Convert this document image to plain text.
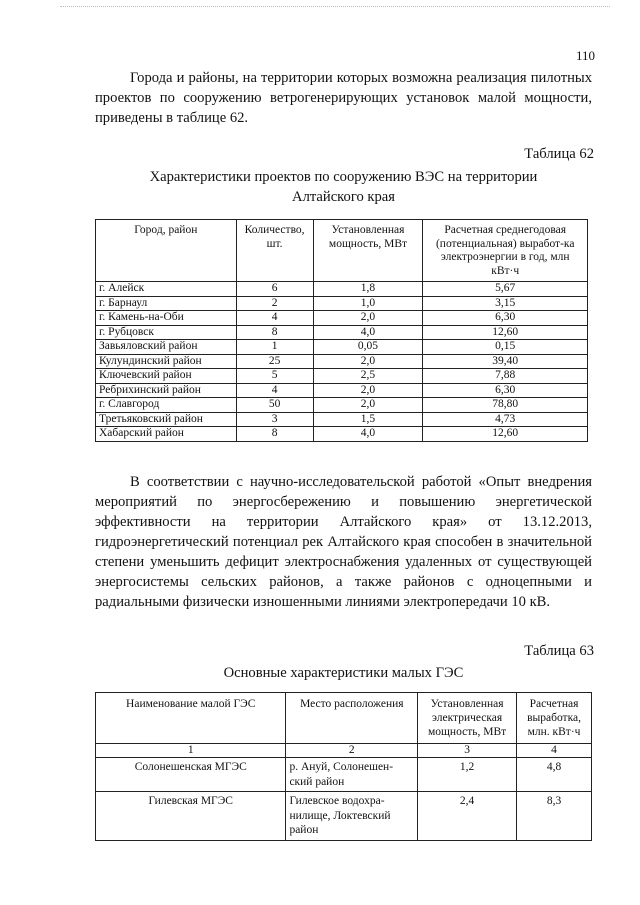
110

Города и районы, на территории которых возможна реализация пилотных проектов по сооружению ветрогенерирующих установок малой мощности, приведены в таблице 62.

Таблица 62
Характеристики проектов по сооружению ВЭС на территории
Алтайского края
Город, район	Количество, шт.	Установленная мощность, МВт	Расчетная среднегодовая (потенциальная) выработ-ка электроэнергии в год, млн кВт·ч
г. Алейск	6	1,8	5,67
г. Барнаул	2	1,0	3,15
г. Камень-на-Оби	4	2,0	6,30
г. Рубцовск	8	4,0	12,60
Завьяловский район	1	0,05	0,15
Кулундинский район	25	2,0	39,40
Ключевский район	5	2,5	7,88
Ребрихинский район	4	2,0	6,30
г. Славгород	50	2,0	78,80
Третьяковский район	3	1,5	4,73
Хабарский район	8	4,0	12,60

В соответствии с научно-исследовательской работой «Опыт внедрения мероприятий по энергосбережению и повышению энергетической эффективности на территории Алтайского края» от 13.12.2013, гидроэнергетический потенциал рек Алтайского края способен в значительной степени уменьшить дефицит электроснабжения удаленных от существующей энергосистемы сельских районов, а также районов с одноцепными и радиальными физически изношенными линиями электропередачи 10 кВ.

Таблица 63
Основные характеристики малых ГЭС
Наименование малой ГЭС	Место расположения	Установленная электрическая мощность, МВт	Расчетная выработка, млн. кВт·ч
1	2	3	4
Солонешенская МГЭС	р. Ануй, Солонешен-ский район	1,2	4,8
Гилевская МГЭС	Гилевское водохра-нилище, Локтевский район	2,4	8,3
